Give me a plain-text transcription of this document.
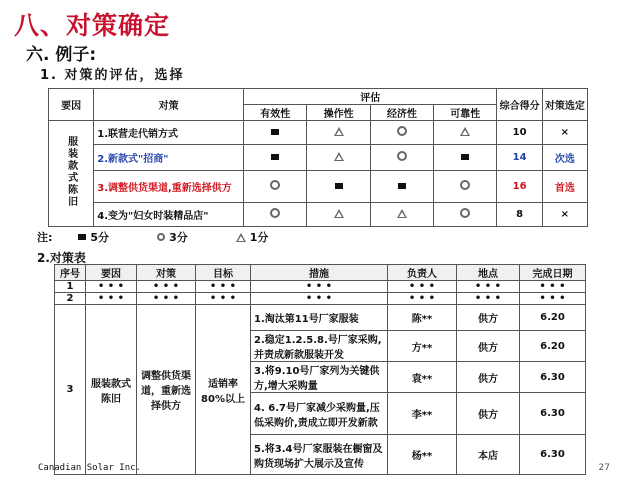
八、对策确定
六. 例子:
1. 对策的评估，选择
要因	对策	评估				综合得分	对策选定
		有效性	操作性	经济性	可靠性		
服装款式陈旧	1.联营走代销方式					10	×
	2.新款式"招商"					14	次选
	3.调整供货渠道,重新选择供方					16	首选
	4.变为"妇女时装精品店"					8	×
注:	5分	3分	1分
2.对策表
序号	要因	对策	目标	措施	负责人	地点	完成日期
1	• • •	• • •	• • •	• • •	• • •	• • •	• • •
2	• • •	• • •	• • •	• • •	• • •	• • •	• • •
3	服装款式陈旧	调整供货渠道，重新选择供方	适销率80%以上	1.淘汰第11号厂家服装	陈**	供方	6.20
				2.稳定1.2.5.8.号厂家采购,并责成新款服装开发	方**	供方	6.20
				3.将9.10号厂家列为关键供方,增大采购量	袁**	供方	6.30
				4. 6.7号厂家减少采购量,压低采购价,责成立即开发新款	李**	供方	6.30
				5.将3.4号厂家服装在橱窗及购货现场扩大展示及宣传	杨**	本店	6.30
Canadian Solar Inc.	27
